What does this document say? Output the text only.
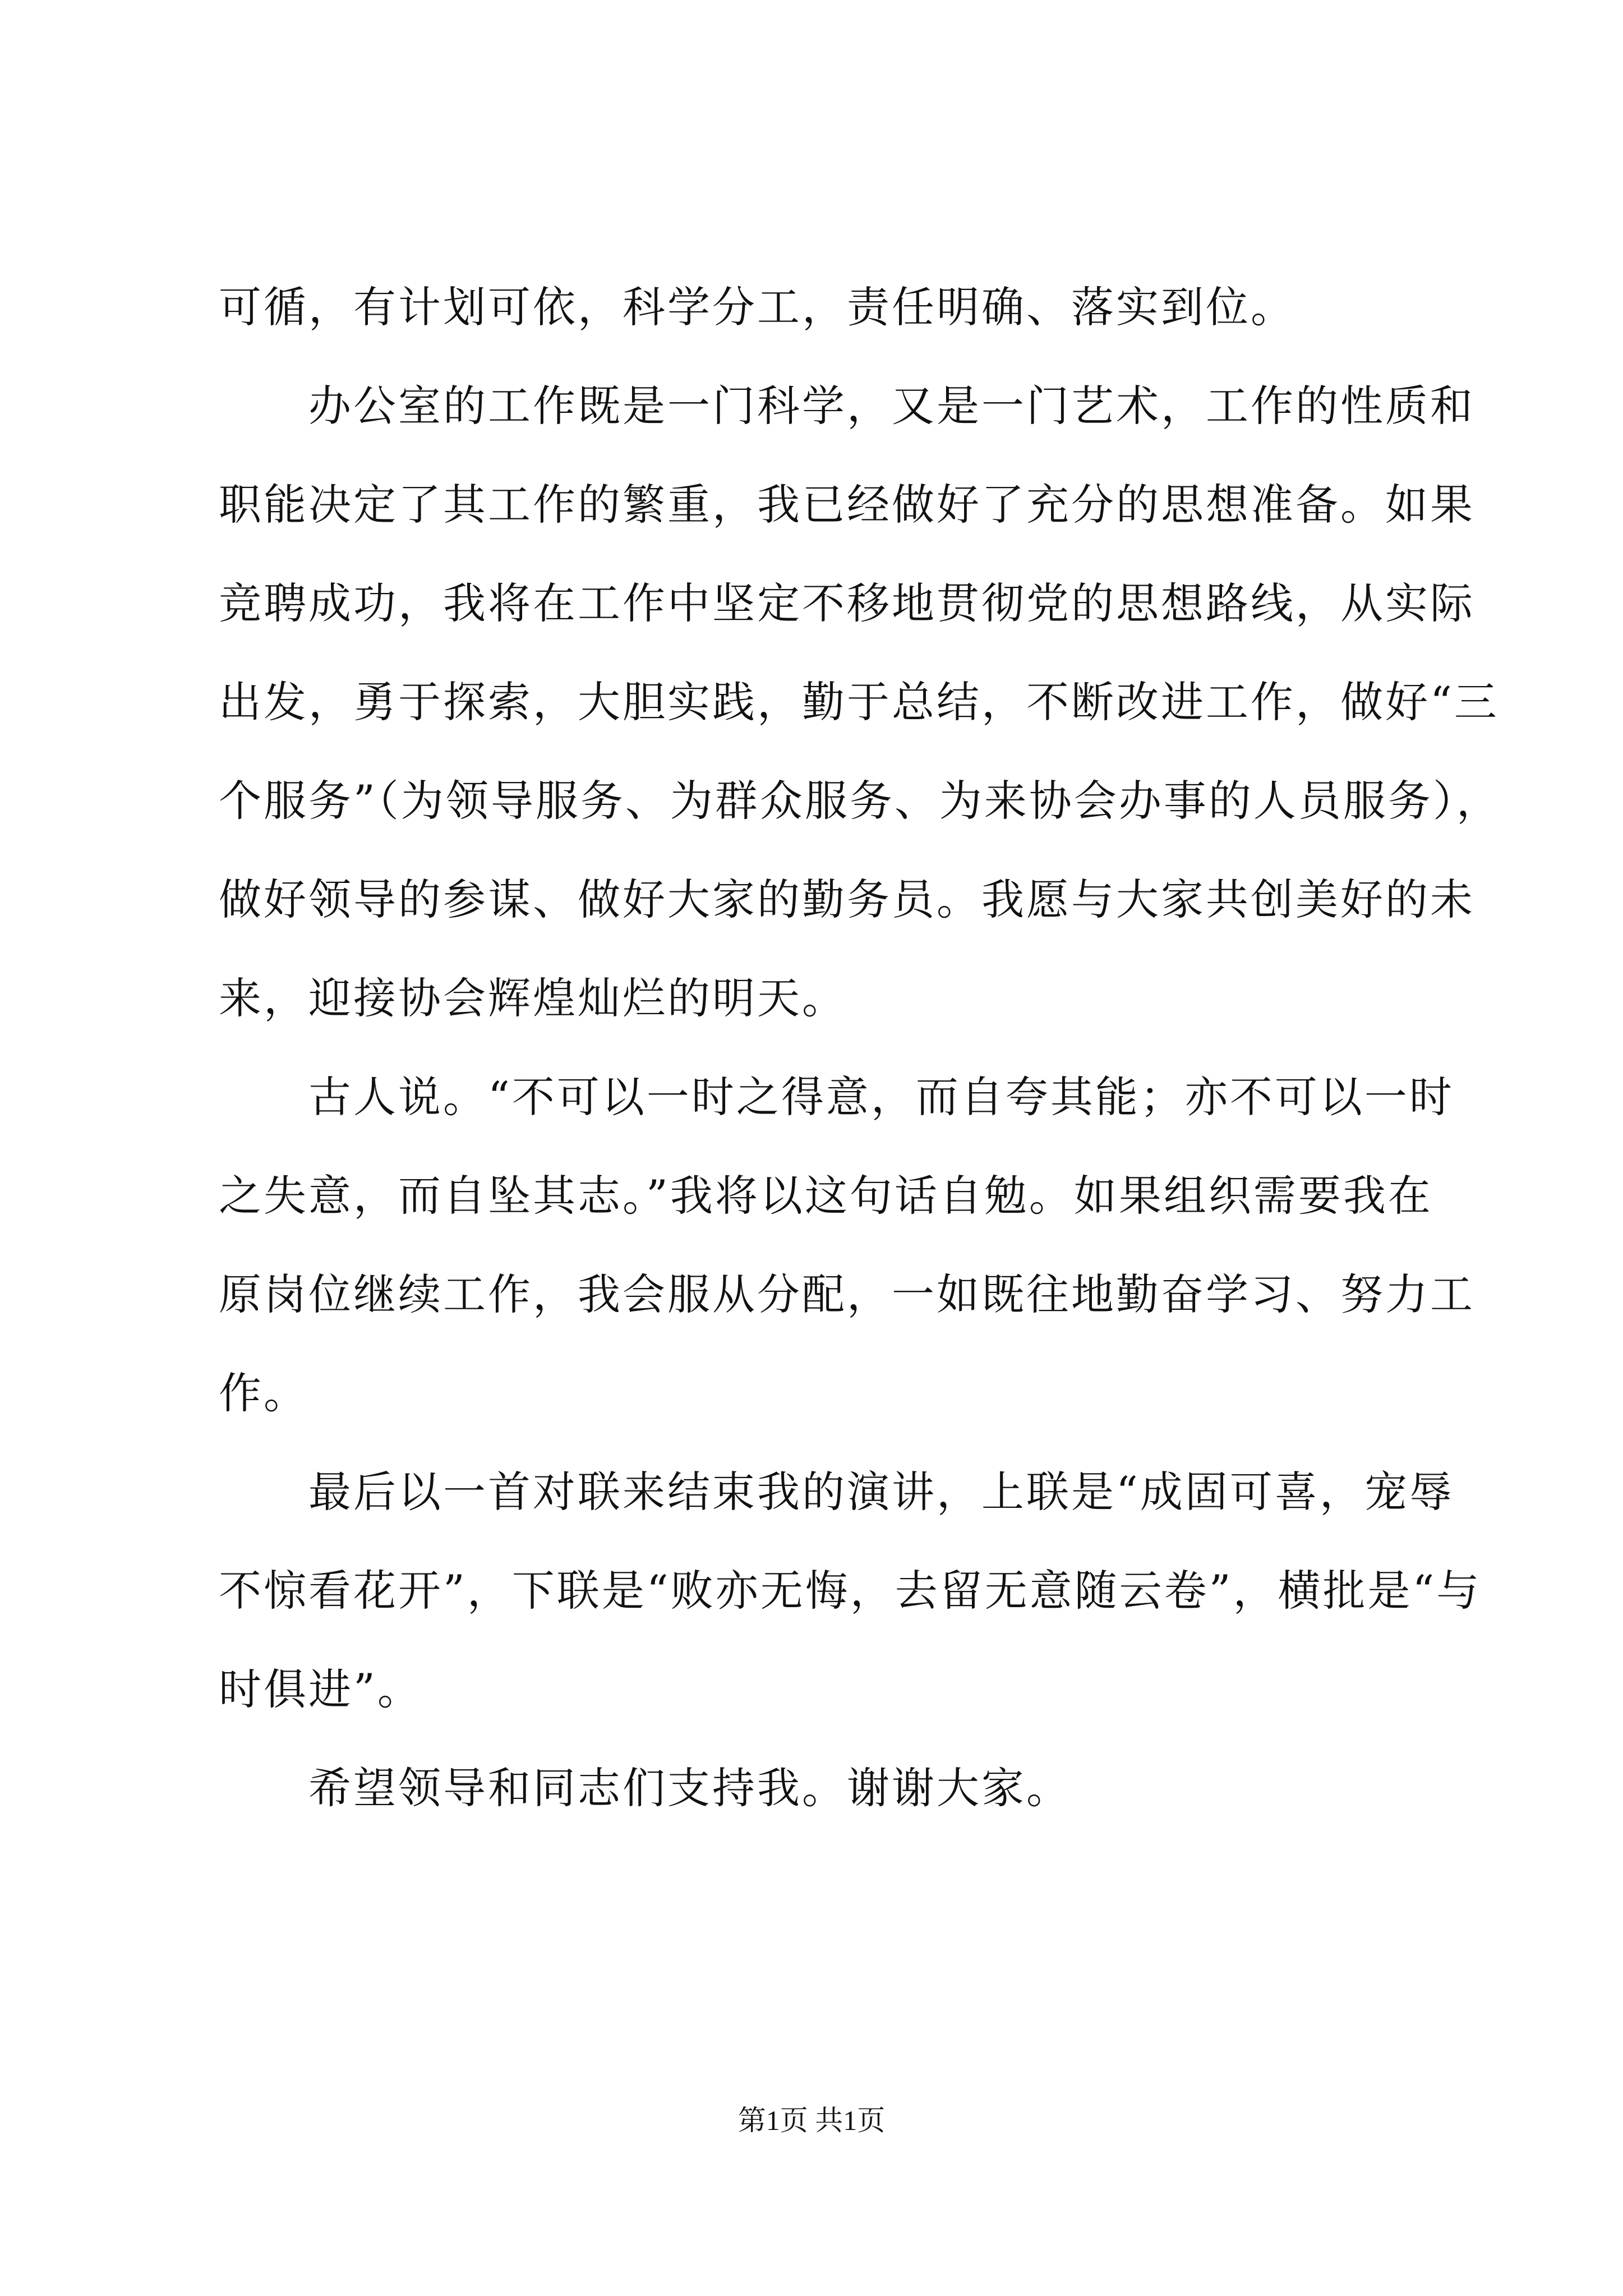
可循，有计划可依，科学分工，责任明确、落实到位。
办公室的工作既是一门科学，又是一门艺术，工作的性质和
职能决定了其工作的繁重，我已经做好了充分的思想准备。如果
竞聘成功，我将在工作中坚定不移地贯彻党的思想路线，从实际
出发，勇于探索，大胆实践，勤于总结，不断改进工作，做好“三
个服务”（为领导服务、为群众服务、为来协会办事的人员服务），
做好领导的参谋、做好大家的勤务员。我愿与大家共创美好的未
来，迎接协会辉煌灿烂的明天。
古人说。“不可以一时之得意，而自夸其能；亦不可以一时
之失意，而自坠其志。”我将以这句话自勉。如果组织需要我在
原岗位继续工作，我会服从分配，一如既往地勤奋学习、努力工
作。
最后以一首对联来结束我的演讲，上联是“成固可喜，宠辱
不惊看花开”，下联是“败亦无悔，去留无意随云卷”，横批是“与
时俱进”。
希望领导和同志们支持我。谢谢大家。
第1页 共1页
